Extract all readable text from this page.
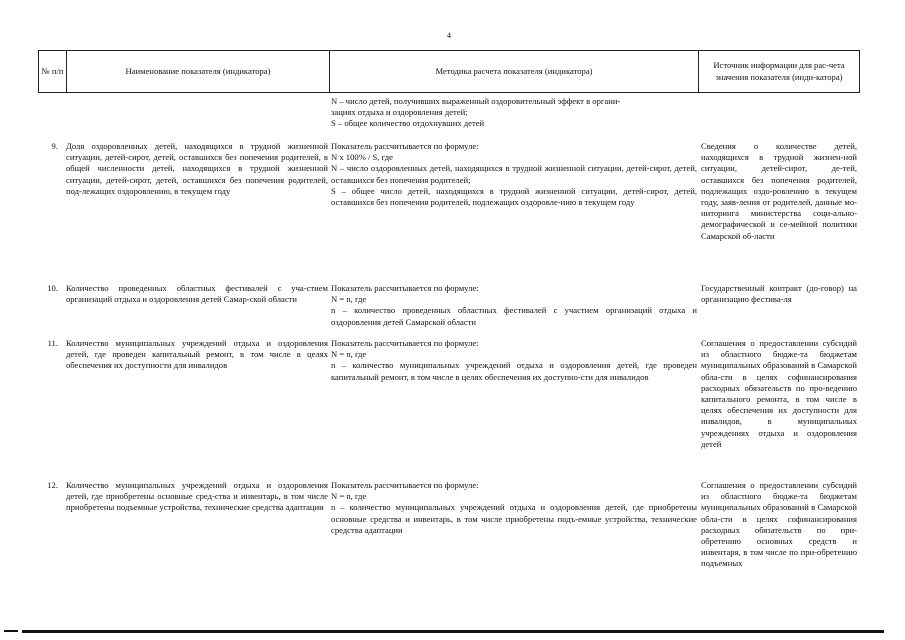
4
№ п/п	Наименование показателя (индикатора)	Методика расчета показателя (индикатора)
Источник информации для рас-чета значения показателя (инди-катора)

N – число детей, получивших выраженный оздоровительный эффект в органи-

зациях отдыха и оздоровления детей;

S – общее количество отдохнувших детей

9. Доля оздоровленных детей, находящихся в трудной жизненной ситуации, детей-сирот, детей, оставшихся без попечения родителей, в общей численности детей, находящихся в трудной жизненной ситуации, детей-сирот, детей, оставшихся без попечения родителей, под-лежащих оздоровлению, в текущем году

Показатель рассчитывается по формуле:

N x 100% / S, где

N – число оздоровленных детей, находящихся в трудной жизненной ситуации, детей-сирот, детей, оставшихся без попечения родителей;

S – общее число детей, находящихся в трудной жизненной ситуации, детей-сирот, детей, оставшихся без попечения родителей, подлежащих оздоровле-нию в текущем году

Сведения о количестве детей, находящихся в трудной жизнен-ной ситуации, детей-сирот, де-тей, оставшихся без попечения родителей, подлежащих оздо-ровлению в текущем году, заяв-ления от родителей, данные мо-ниторинга министерства соци-ально-демографической и се-мейной политики Самарской об-ласти
10. Количество проведенных областных фестивалей с уча-стием организаций отдыха и оздоровления детей Самар-ской области

Показатель рассчитывается по формуле:

N = n, где

n – количество проведенных областных фестивалей с участием организаций отдыха и оздоровления детей Самарской области

Государственный контракт (до-говор) на организацию фестива-ля
11. Количество муниципальных учреждений отдыха и оздоровления детей, где проведен капитальный ремонт, в том числе в целях обеспечения их доступности для инвалидов

Показатель рассчитывается по формуле:

N = n, где

n – количество муниципальных учреждений отдыха и оздоровления детей, где проведен капитальный ремонт, в том числе в целях обеспечения их доступно-сти для инвалидов

Соглашения о предоставлении субсидий из областного бюдже-та бюджетам муниципальных образований в Самарской обла-сти в целях софинансирования расходных обязательств по про-ведению капитального ремонта, в том числе в целях обеспечения их доступности для инвалидов, в муниципальных учреждениях отдыха и оздоровления детей
12. Количество муниципальных учреждений отдыха и оздоровления детей, где приобретены основные сред-ства и инвентарь, в том числе приобретены подъемные устройства, технические средства адаптации

Показатель рассчитывается по формуле:

N = n, где

n – количество муниципальных учреждений отдыха и оздоровления детей, где приобретены основные средства и инвентарь, в том числе приобретены подъ-емные устройства, технические средства адаптации

Соглашения о предоставлении субсидий из областного бюдже-та бюджетам муниципальных образований в Самарской обла-сти в целях софинансирования расходных обязательств по при-обретению основных средств и инвентаря, в том числе по при-обретению подъемных
